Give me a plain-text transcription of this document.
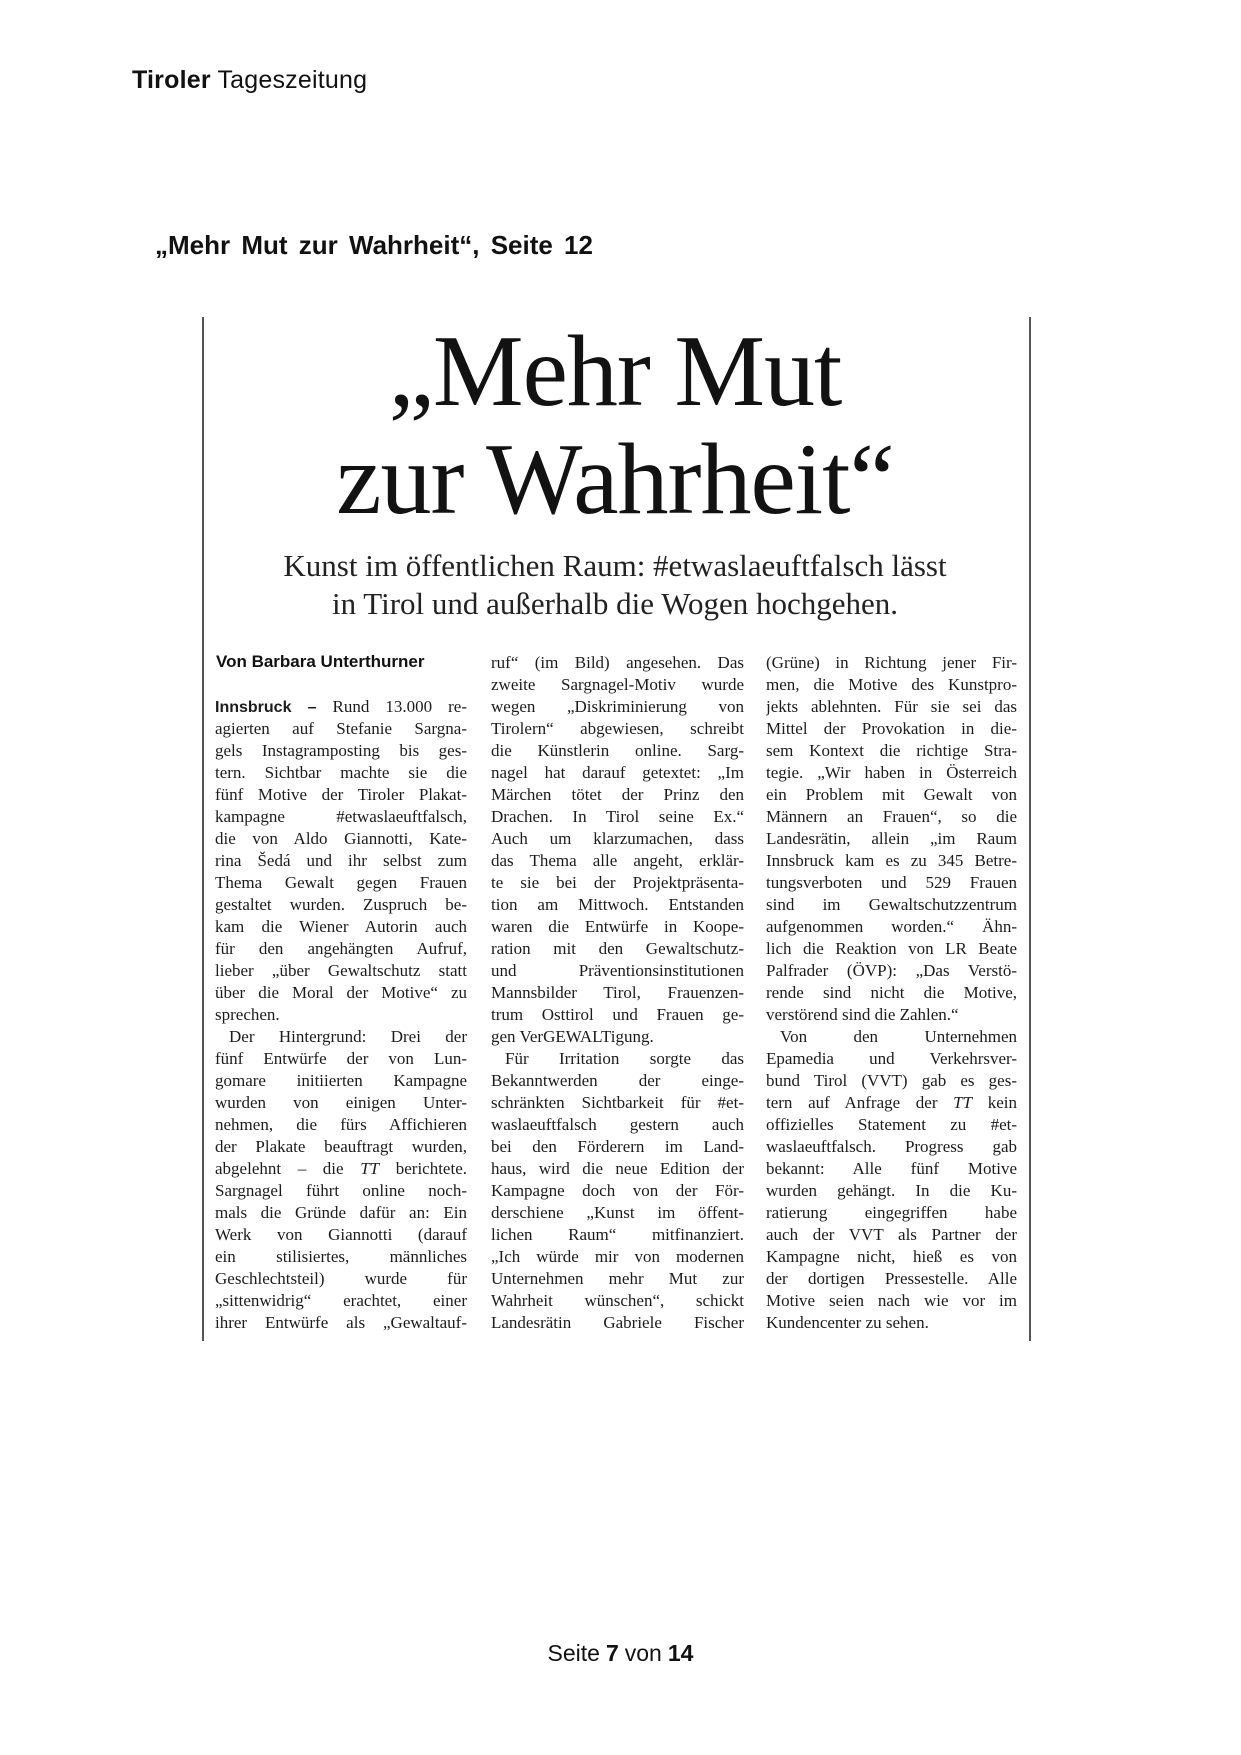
Tiroler Tageszeitung
„Mehr Mut zur Wahrheit“, Seite 12
„Mehr Mut
zur Wahrheit“
Kunst im öffentlichen Raum: #etwaslaeuftfalsch lässt
in Tirol und außerhalb die Wogen hochgehen.
Von Barbara Unterthurner
Innsbruck – Rund 13.000 re-
agierten auf Stefanie Sargna-
gels Instagramposting bis ges-
tern. Sichtbar machte sie die
fünf Motive der Tiroler Plakat-
kampagne #etwaslaeuftfalsch,
die von Aldo Giannotti, Kate-
rina Šedá und ihr selbst zum
Thema Gewalt gegen Frauen
gestaltet wurden. Zuspruch be-
kam die Wiener Autorin auch
für den angehängten Aufruf,
lieber „über Gewaltschutz statt
über die Moral der Motive“ zu
sprechen.
Der Hintergrund: Drei der
fünf Entwürfe der von Lun-
gomare initiierten Kampagne
wurden von einigen Unter-
nehmen, die fürs Affichieren
der Plakate beauftragt wurden,
abgelehnt – die TT berichtete.
Sargnagel führt online noch-
mals die Gründe dafür an: Ein
Werk von Giannotti (darauf
ein stilisiertes, männliches
Geschlechtsteil) wurde für
„sittenwidrig“ erachtet, einer
ihrer Entwürfe als „Gewaltauf-
ruf“ (im Bild) angesehen. Das
zweite Sargnagel-Motiv wurde
wegen „Diskriminierung von
Tirolern“ abgewiesen, schreibt
die Künstlerin online. Sarg-
nagel hat darauf getextet: „Im
Märchen tötet der Prinz den
Drachen. In Tirol seine Ex.“
Auch um klarzumachen, dass
das Thema alle angeht, erklär-
te sie bei der Projektpräsenta-
tion am Mittwoch. Entstanden
waren die Entwürfe in Koope-
ration mit den Gewaltschutz-
und Präventionsinstitutionen
Mannsbilder Tirol, Frauenzen-
trum Osttirol und Frauen ge-
gen VerGEWALTigung.
Für Irritation sorgte das
Bekanntwerden der einge-
schränkten Sichtbarkeit für #et-
waslaeuftfalsch gestern auch
bei den Förderern im Land-
haus, wird die neue Edition der
Kampagne doch von der För-
derschiene „Kunst im öffent-
lichen Raum“ mitfinanziert.
„Ich würde mir von modernen
Unternehmen mehr Mut zur
Wahrheit wünschen“, schickt
Landesrätin Gabriele Fischer
(Grüne) in Richtung jener Fir-
men, die Motive des Kunstpro-
jekts ablehnten. Für sie sei das
Mittel der Provokation in die-
sem Kontext die richtige Stra-
tegie. „Wir haben in Österreich
ein Problem mit Gewalt von
Männern an Frauen“, so die
Landesrätin, allein „im Raum
Innsbruck kam es zu 345 Betre-
tungsverboten und 529 Frauen
sind im Gewaltschutzzentrum
aufgenommen worden.“ Ähn-
lich die Reaktion von LR Beate
Palfrader (ÖVP): „Das Verstö-
rende sind nicht die Motive,
verstörend sind die Zahlen.“
Von den Unternehmen
Epamedia und Verkehrsver-
bund Tirol (VVT) gab es ges-
tern auf Anfrage der TT kein
offizielles Statement zu #et-
waslaeuftfalsch. Progress gab
bekannt: Alle fünf Motive
wurden gehängt. In die Ku-
ratierung eingegriffen habe
auch der VVT als Partner der
Kampagne nicht, hieß es von
der dortigen Pressestelle. Alle
Motive seien nach wie vor im
Kundencenter zu sehen.
Seite 7 von 14
